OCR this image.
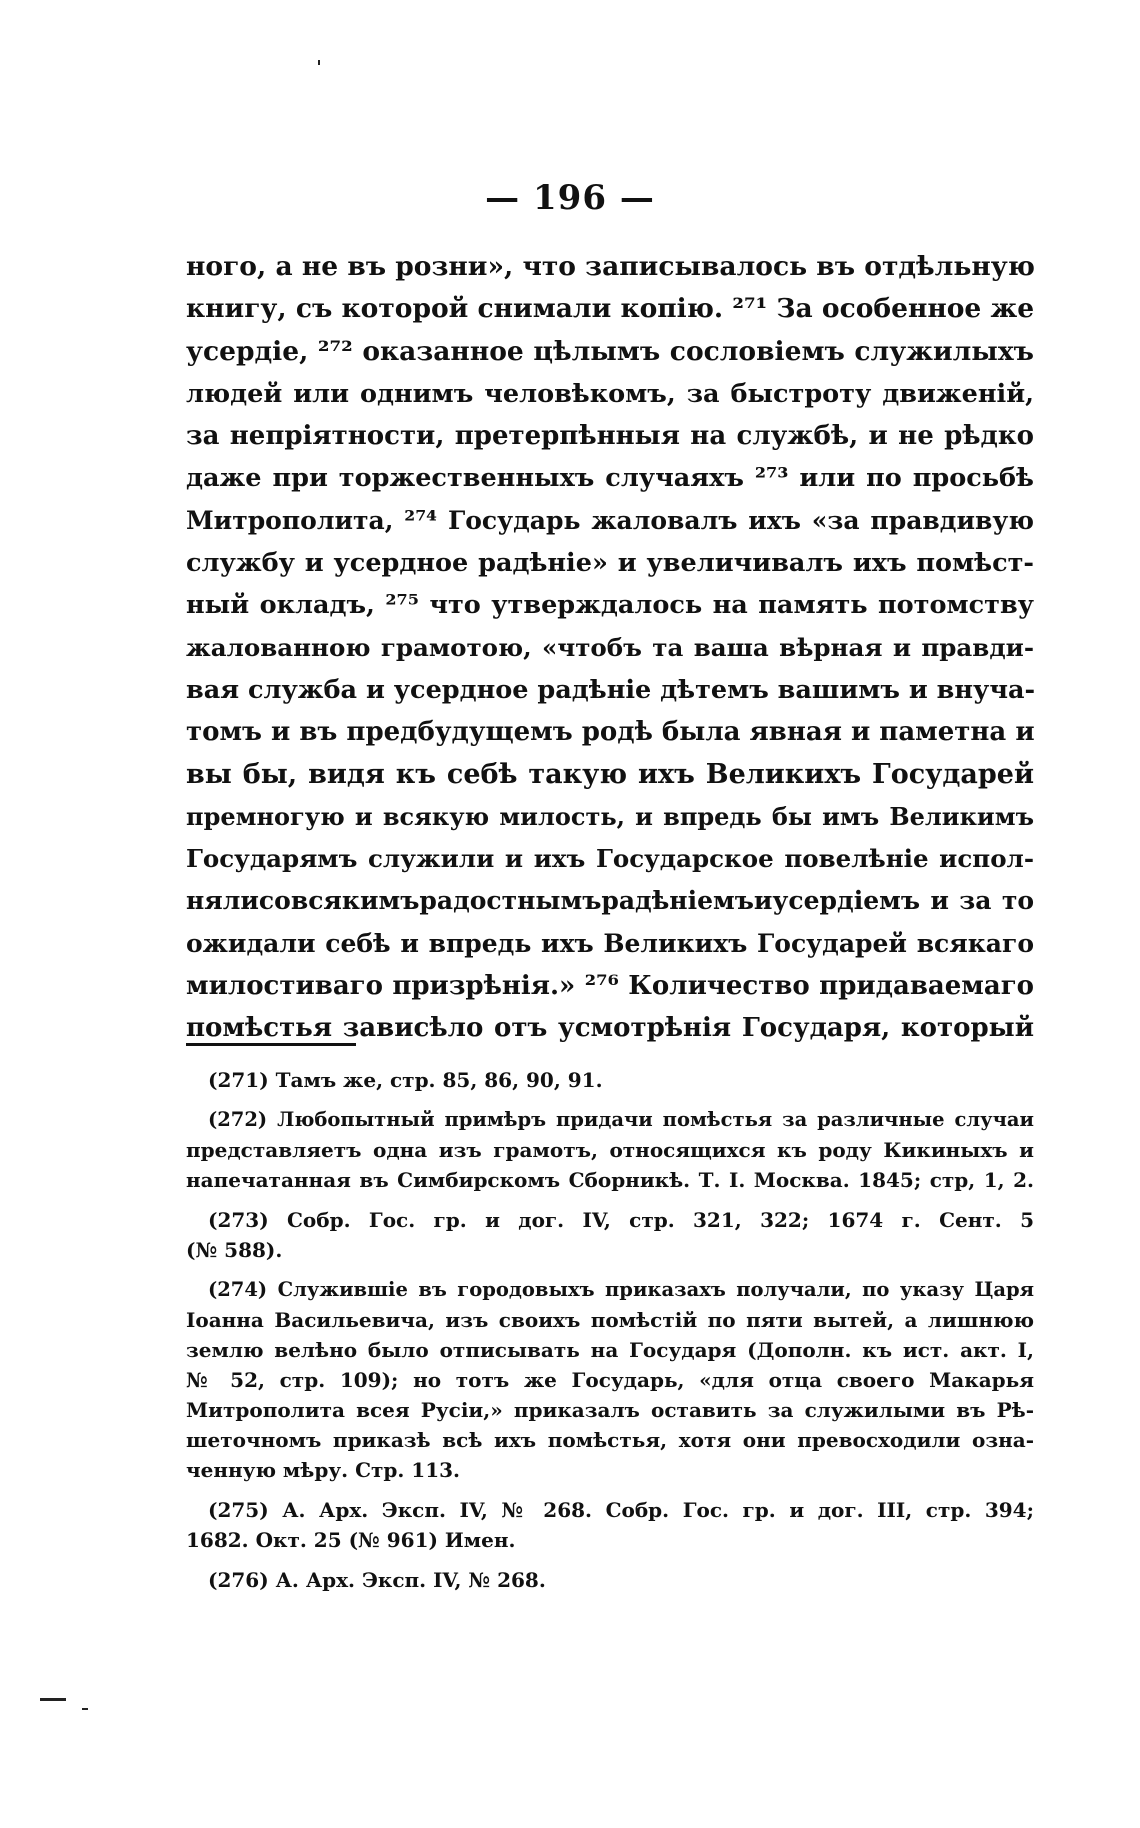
— 196 —
ного, а не въ розни», что записывалось въ отдѣльную
книгу, съ которой снимали копію. ²⁷¹ За особенное же
усердіе, ²⁷² оказанное цѣлымъ сословіемъ служилыхъ
людей или однимъ человѣкомъ, за быстроту движеній,
за непріятности, претерпѣнныя на службѣ, и не рѣдко
даже при торжественныхъ случаяхъ ²⁷³ или по просьбѣ
Митрополита, ²⁷⁴ Государь жаловалъ ихъ «за правдивую
службу и усердное радѣніе» и увеличивалъ ихъ помѣст-
ный окладъ, ²⁷⁵ что утверждалось на память потомству
жалованною грамотою, «чтобъ та ваша вѣрная и правди-
вая служба и усердное радѣніе дѣтемъ вашимъ и внуча-
томъ и въ предбудущемъ родѣ была явная и паметна и
вы бы, видя къ себѣ такую ихъ Великихъ Государей
премногую и всякую милость, и впредь бы имъ Великимъ
Государямъ служили и ихъ Государское повелѣніе испол-
нялисовсякимърадостнымърадѣніемъиусердіемъ и за то
ожидали себѣ и впредь ихъ Великихъ Государей всякаго
милостиваго призрѣнія.» ²⁷⁶ Количество придаваемаго
помѣстья зависѣло отъ усмотрѣнія Государя, который
(271) Тамъ же, стр. 85, 86, 90, 91.
(272) Любопытный примѣръ придачи помѣстья за различные случаи
представляетъ одна изъ грамотъ, относящихся къ роду Кикиныхъ и
напечатанная въ Симбирскомъ Сборникѣ. Т. I. Москва. 1845; стр, 1, 2.
(273) Собр. Гос. гр. и дог. IV, стр. 321, 322; 1674 г. Сент. 5
(№ 588).
(274) Служившіе въ городовыхъ приказахъ получали, по указу Царя
Іоанна Васильевича, изъ своихъ помѣстій по пяти вытей, а лишнюю
землю велѣно было отписывать на Государя (Дополн. къ ист. акт. I,
№ 52, стр. 109); но тотъ же Государь, «для отца своего Макарья
Митрополита всея Русіи,» приказалъ оставить за служилыми въ Рѣ-
шеточномъ приказѣ всѣ ихъ помѣстья, хотя они превосходили озна-
ченную мѣру. Стр. 113.
(275) А. Арх. Эксп. IV, № 268. Собр. Гос. гр. и дог. III, стр. 394;
1682. Окт. 25 (№ 961) Имен.
(276) А. Арх. Эксп. IV, № 268.
